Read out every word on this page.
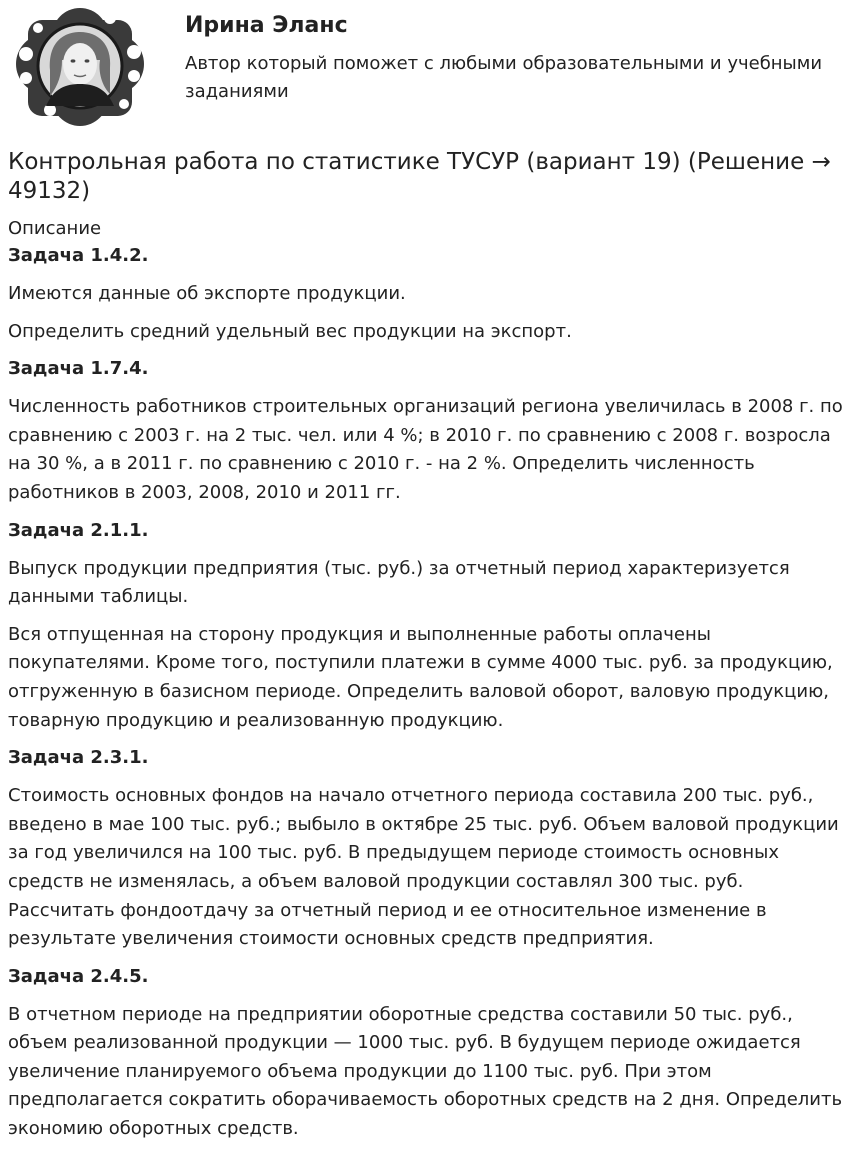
Ирина Эланс
Автор который поможет с любыми образовательными и учебными заданиями
Контрольная работа по статистике ТУСУР (вариант 19) (Решение → 49132)

Описание

Задача 1.4.2.

Имеются данные об экспорте продукции.

Определить средний удельный вес продукции на экспорт.

Задача 1.7.4.

Численность работников строительных организаций региона увеличилась в 2008 г. по сравнению с 2003 г. на 2 тыс. чел. или 4 %; в 2010 г. по сравнению с 2008 г. возросла на 30 %, а в 2011 г. по сравнению с 2010 г. - на 2 %. Определить численность работников в 2003, 2008, 2010 и 2011 гг.

Задача 2.1.1.

Выпуск продукции предприятия (тыс. руб.) за отчетный период характеризуется данными таблицы.

Вся отпущенная на сторону продукция и выполненные работы оплачены покупателями. Кроме того, поступили платежи в сумме 4000 тыс. руб. за продукцию, отгруженную в базисном периоде. Определить валовой оборот, валовую продукцию, товарную продукцию и реализованную продукцию.

Задача 2.3.1.

Стоимость основных фондов на начало отчетного периода составила 200 тыс. руб., введено в мае 100 тыс. руб.; выбыло в октябре 25 тыс. руб. Объем валовой продукции за год увеличился на 100 тыс. руб. В предыдущем периоде стоимость основных средств не изменялась, а объем валовой продукции составлял 300 тыс. руб. Рассчитать фондоотдачу за отчетный период и ее относительное изменение в результате увеличения стоимости основных средств предприятия.

Задача 2.4.5.

В отчетном периоде на предприятии оборотные средства составили 50 тыс. руб., объем реализованной продукции — 1000 тыс. руб. В будущем периоде ожидается увеличение планируемого объема продукции до 1100 тыс. руб. При этом предполагается сократить оборачиваемость оборотных средств на 2 дня. Определить экономию оборотных средств.
